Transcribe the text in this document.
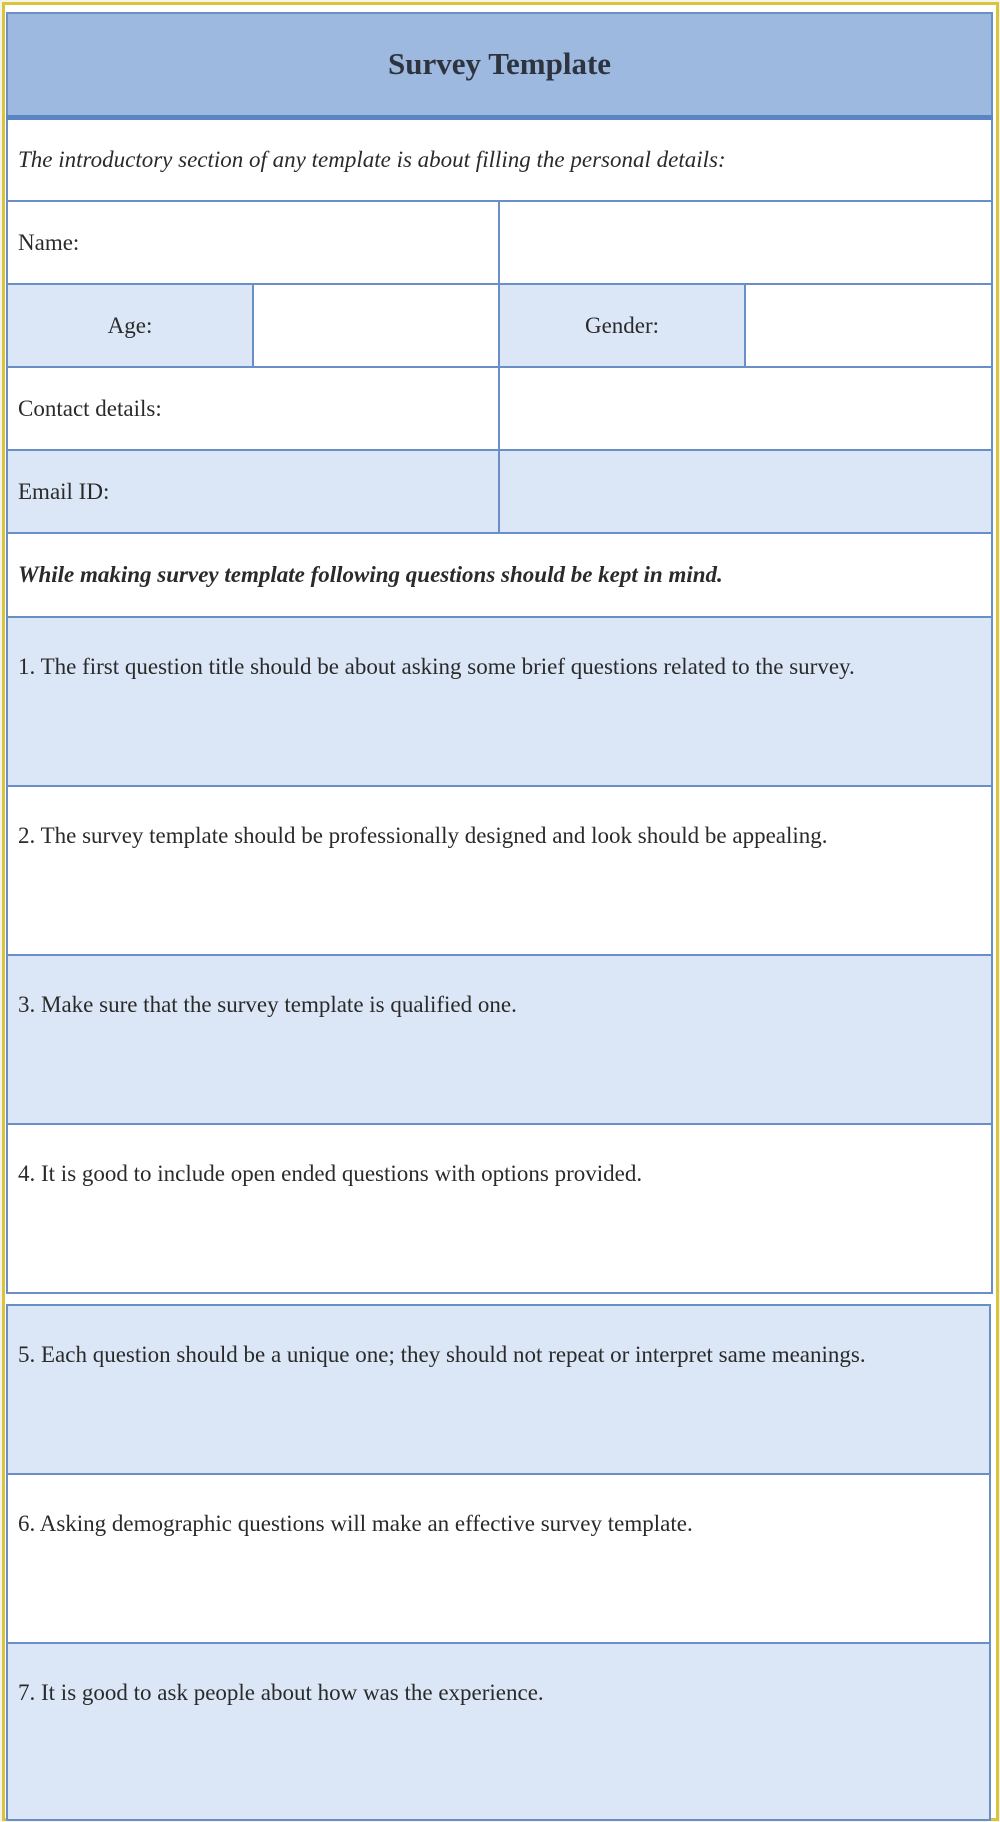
Survey Template			
The introductory section of any template is about filling the personal details:			
Name:			
Age:		Gender:	
Contact details:			
Email ID:			
While making survey template following questions should be kept in mind.			
1. The first question title should be about asking some brief questions related to the survey.			
2. The survey template should be professionally designed and look should be appealing.			
3. Make sure that the survey template is qualified one.			
4. It is good to include open ended questions with options provided.			
5. Each question should be a unique one; they should not repeat or interpret same meanings.
6. Asking demographic questions will make an effective survey template.
7. It is good to ask people about how was the experience.
